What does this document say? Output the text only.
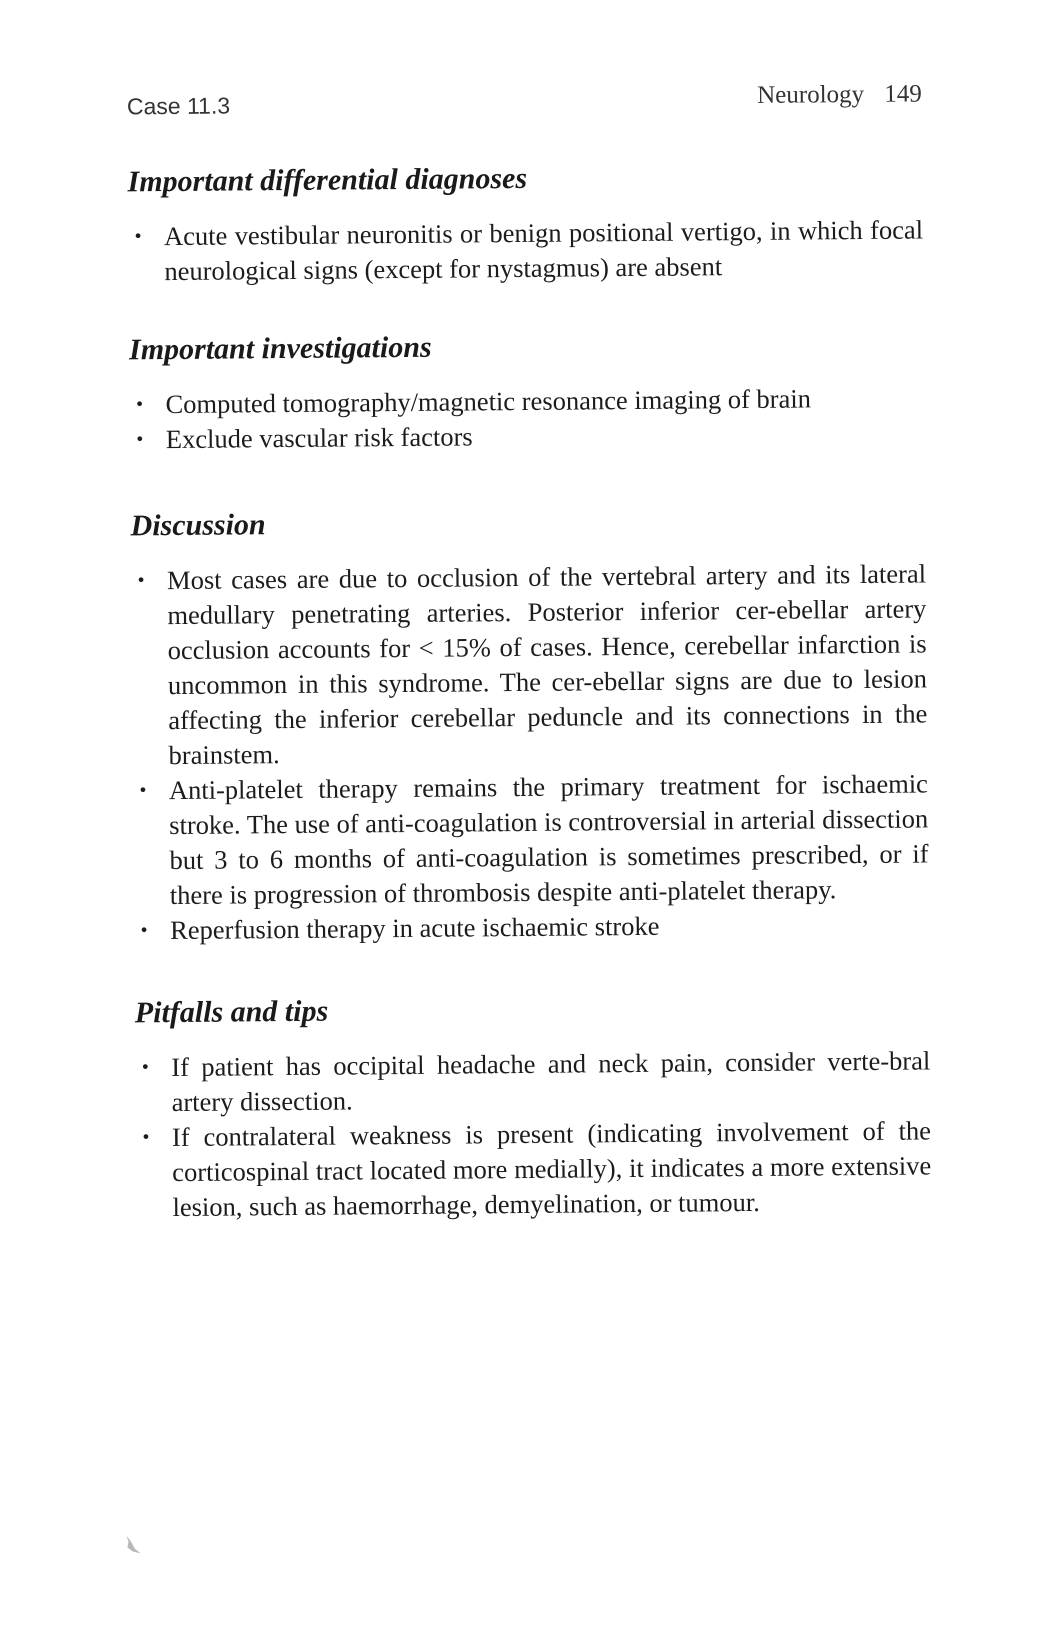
Case 11.3	Neurology 149
Important differential diagnoses
• Acute vestibular neuronitis or benign positional vertigo, in which focal neurological signs (except for nystagmus) are absent
Important investigations
• Computed tomography/magnetic resonance imaging of brain
• Exclude vascular risk factors
Discussion
• Most cases are due to occlusion of the vertebral artery and its lateral medullary penetrating arteries. Posterior inferior cer-ebellar artery occlusion accounts for < 15% of cases. Hence, cerebellar infarction is uncommon in this syndrome. The cer-ebellar signs are due to lesion affecting the inferior cerebellar peduncle and its connections in the brainstem.
• Anti-platelet therapy remains the primary treatment for ischaemic stroke. The use of anti-coagulation is controversial in arterial dissection but 3 to 6 months of anti-coagulation is sometimes prescribed, or if there is progression of thrombosis despite anti-platelet therapy.
• Reperfusion therapy in acute ischaemic stroke
Pitfalls and tips
• If patient has occipital headache and neck pain, consider verte-bral artery dissection.
• If contralateral weakness is present (indicating involvement of the corticospinal tract located more medially), it indicates a more extensive lesion, such as haemorrhage, demyelination, or tumour.
